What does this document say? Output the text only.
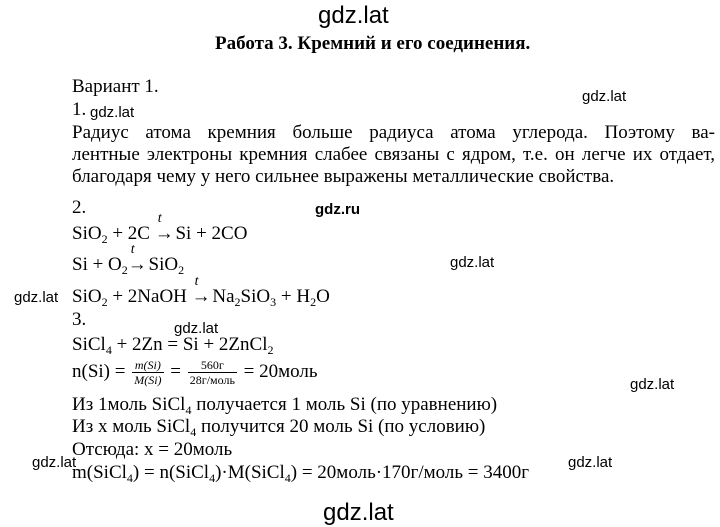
gdz.lat
gdz.lat
gdz.lat
gdz.ru
gdz.lat
gdz.lat
gdz.lat
gdz.lat
gdz.lat	gdz.lat
gdz.lat
Работа 3. Кремний и его соединения.
Вариант 1.
1.
Радиус атома кремния больше радиуса атома углерода. Поэтому ва-
лентные электроны кремния слабее связаны с ядром, т.е. он легче их отдает,
благодаря чему у него сильнее выражены металлические свойства.
2.
SiO$_2$ + 2C
t
→ Si + 2CO
$Si + O_2$
t
→ SiO$_2$
SiO$_2$ + 2NaOH
t
→ $Na_2SiO_3 + H_2O$
3.
SiCl$_4$ + 2Zn = Si + 2ZnCl$_2$
$n(Si) = \frac{m(Si)}{M(Si)} = \frac{560г}{\text{28г/моль}}$ = 20моль
Из 1моль SiCl$_4$ получается 1 моль Si (по уравнению)
Из x моль SiCl$_4$ получится 20 моль Si (по условию)
Отсюда: x = 20моль
m(SiCl$_4$) = n(SiCl$_4$)·M(SiCl$_4$) = 20моль·170г/моль = 3400г
